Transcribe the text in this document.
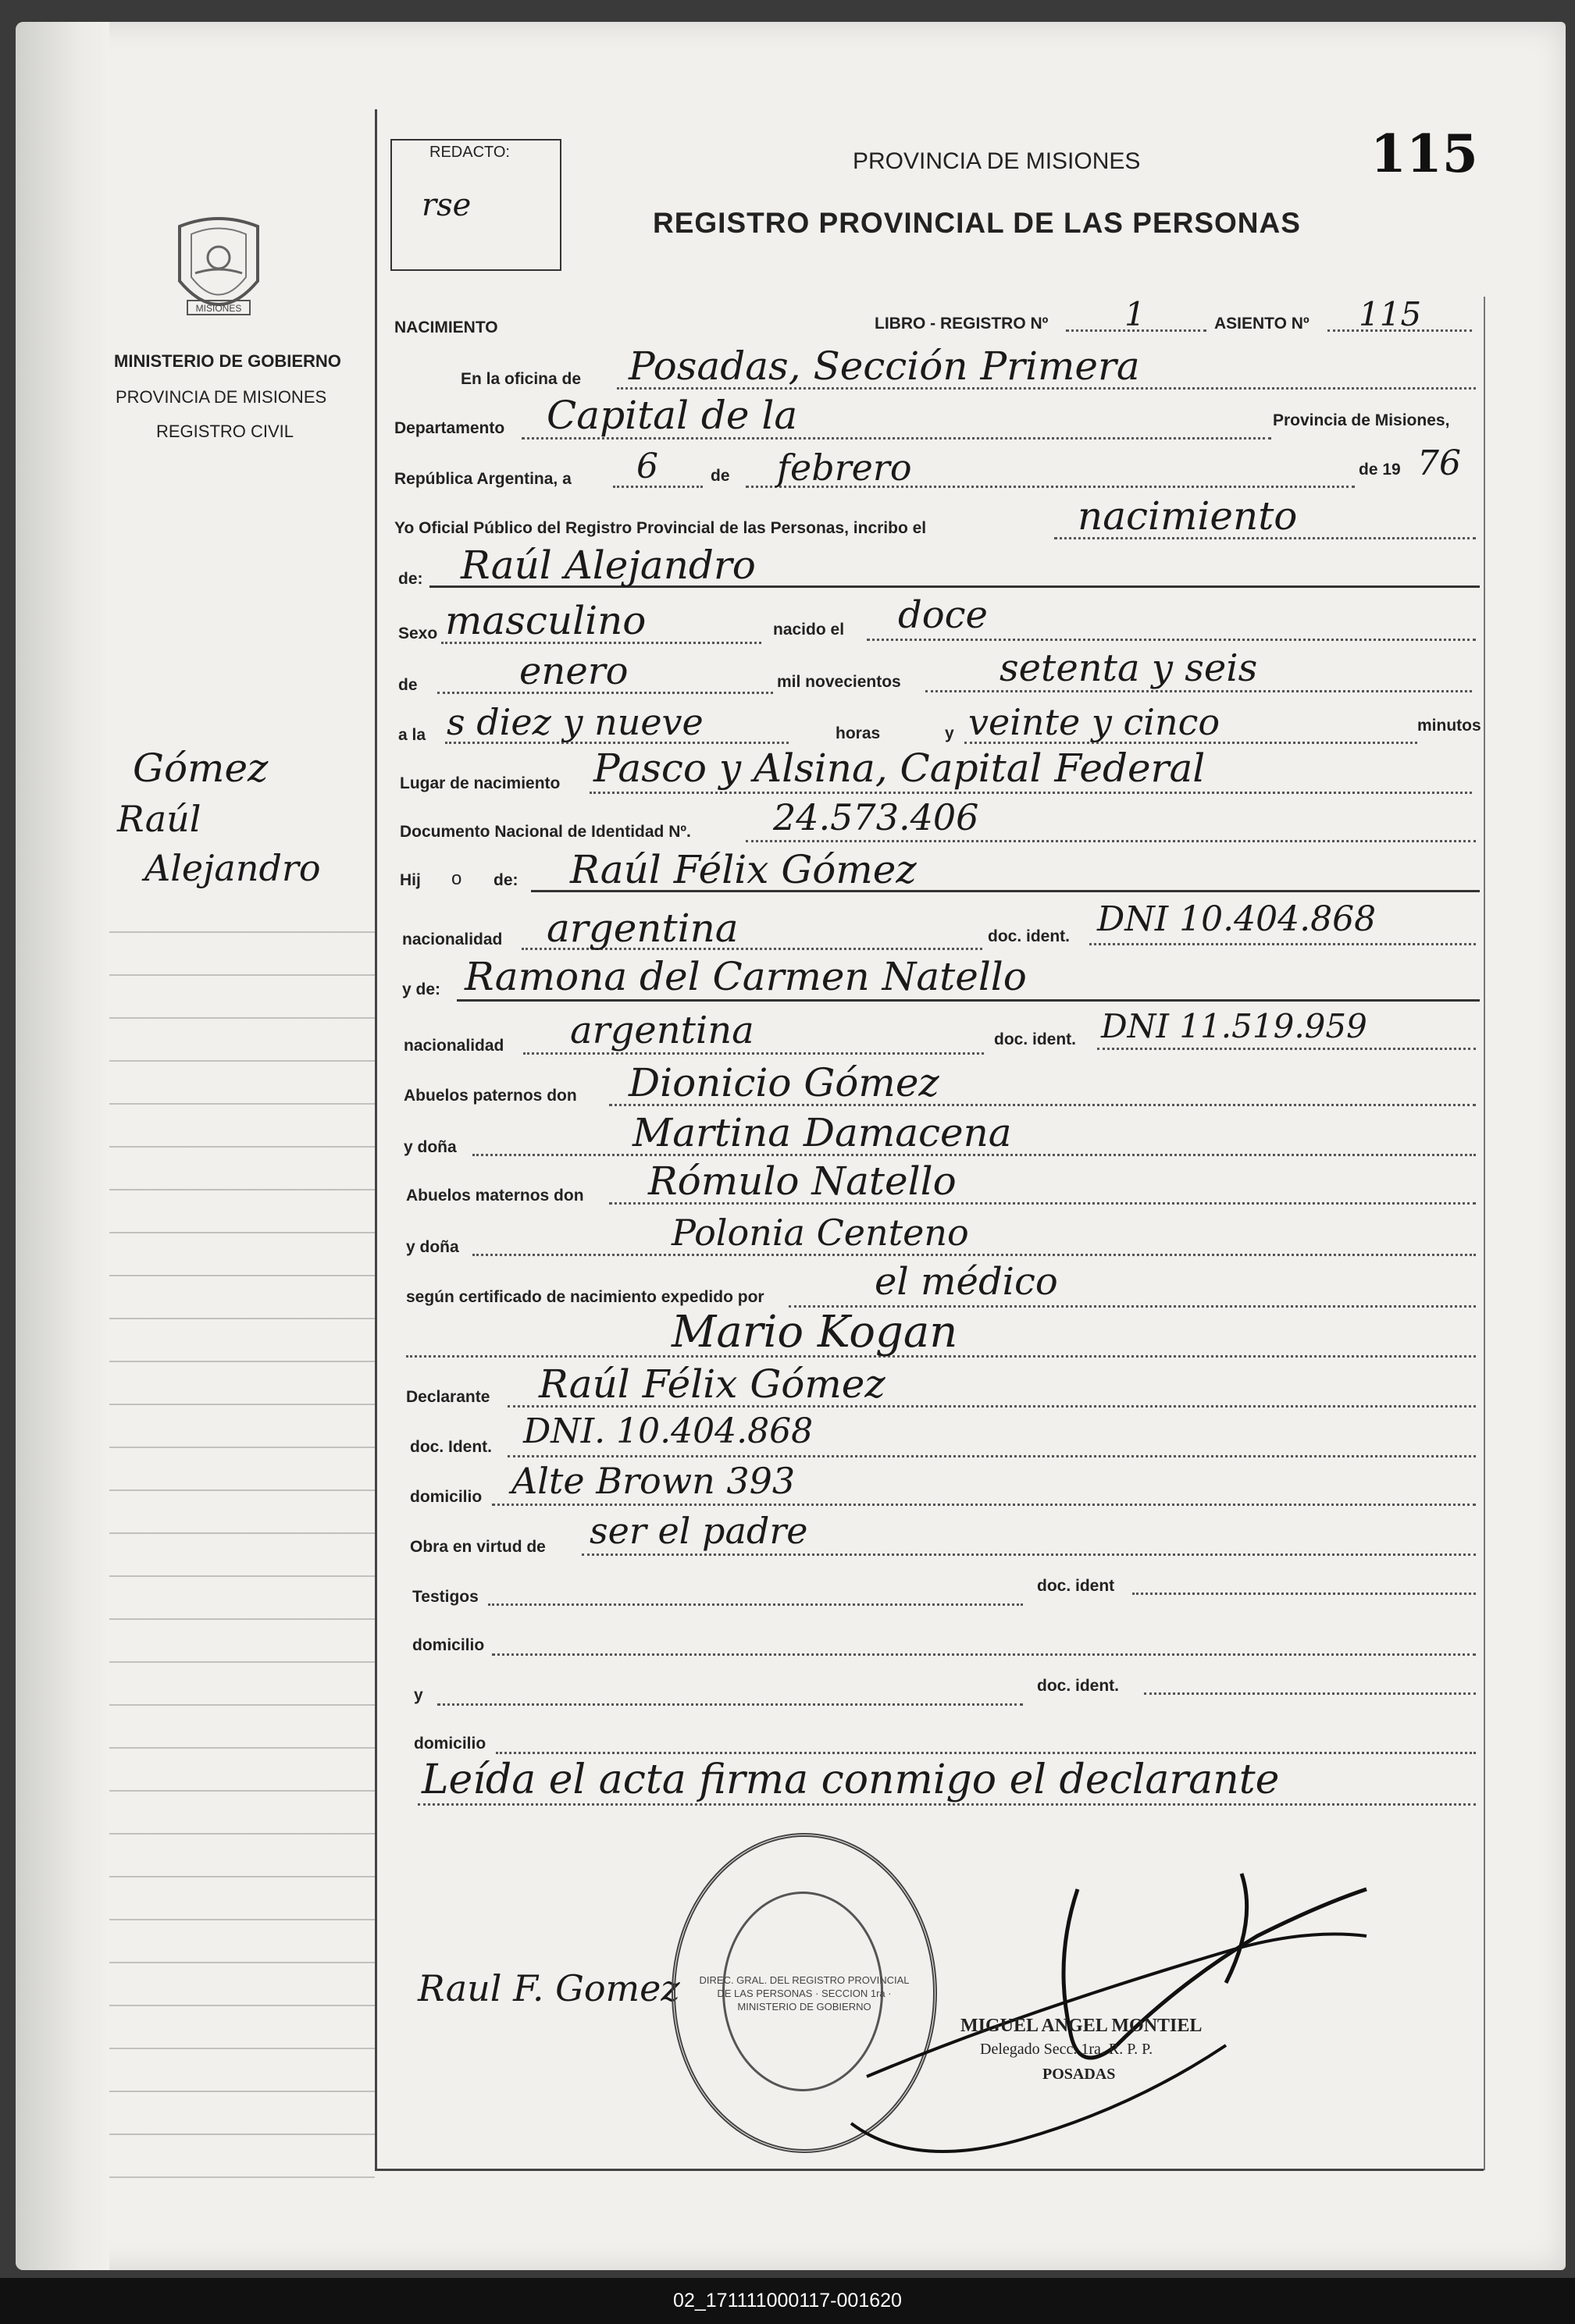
MISIONES
MINISTERIO DE GOBIERNO
PROVINCIA DE MISIONES
REGISTRO CIVIL
Gómez
Raúl
Alejandro
REDACTO:
rse
PROVINCIA DE MISIONES
REGISTRO PROVINCIAL DE LAS PERSONAS
115
NACIMIENTO	LIBRO - REGISTRO Nº 1	ASIENTO Nº 115
En la oficina de Posadas, Sección Primera
Departamento Capital de la	Provincia de Misiones,
República Argentina, a 6	de febrero	de 19 76
Yo Oficial Público del Registro Provincial de las Personas, incribo el	nacimiento
de: Raúl Alejandro
Sexo masculino	nacido el doce
de	enero	mil novecientos	setenta y seis
a la s diez y nueve	horas	y veinte y cinco	minutos
Lugar de nacimiento Pasco y Alsina, Capital Federal
Documento Nacional de Identidad Nº. 24.573.406
Hij o de: Raúl Félix Gómez
nacionalidad argentina	doc. ident. DNI 10.404.868
y de: Ramona del Carmen Natello
nacionalidad argentina	doc. ident. DNI 11.519.959
Abuelos paternos don Dionicio Gómez
y doña	Martina Damacena
Abuelos maternos don Rómulo Natello
y doña	Polonia Centeno
según certificado de nacimiento expedido por	el médico
Mario Kogan
Declarante Raúl Félix Gómez
doc. Ident. DNI. 10.404.868
domicilio Alte Brown 393
Obra en virtud de ser el padre
Testigos
doc. ident
domicilio
y
doc. ident.
domicilio
Leída el acta firma conmigo el declarante
Raul F. Gomez DIREC. GRAL. DEL REGISTRO PROVINCIAL DE LAS PERSONAS · SECCION 1ra · MINISTERIO DE GOBIERNO
MIGUEL ANGEL MONTIEL
Delegado Secc. 1ra. R. P. P.
POSADAS
02_171111000117-001620
